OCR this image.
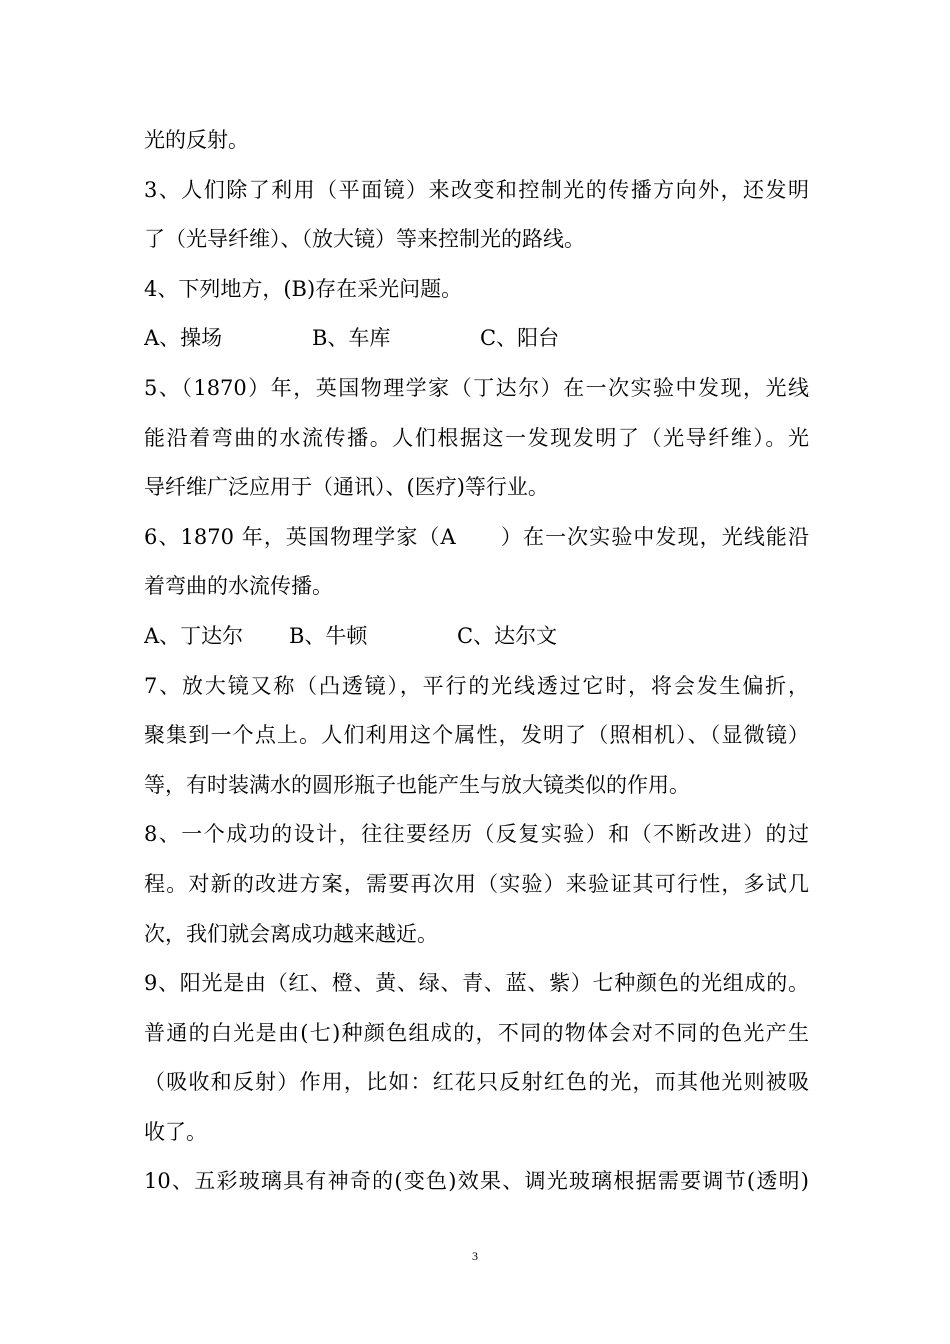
光的反射。
3、人们除了利用（平面镜）来改变和控制光的传播方向外，还发明
了（光导纤维）、（放大镜）等来控制光的路线。
4、下列地方，(B)存在采光问题。
A、操场	B、车库	C、阳台
5、（1870）年，英国物理学家（丁达尔）在一次实验中发现，光线
能沿着弯曲的水流传播。人们根据这一发现发明了（光导纤维）。光
导纤维广泛应用于（通讯）、(医疗)等行业。
6、1870 年，英国物理学家（A　　）在一次实验中发现，光线能沿
着弯曲的水流传播。
A、丁达尔	B、牛顿	C、达尔文
7、放大镜又称（凸透镜），平行的光线透过它时，将会发生偏折，
聚集到一个点上。人们利用这个属性，发明了（照相机）、（显微镜）
等，有时装满水的圆形瓶子也能产生与放大镜类似的作用。
8、一个成功的设计，往往要经历（反复实验）和（不断改进）的过
程。对新的改进方案，需要再次用（实验）来验证其可行性，多试几
次，我们就会离成功越来越近。
9、阳光是由（红、橙、黄、绿、青、蓝、紫）七种颜色的光组成的。
普通的白光是由(七)种颜色组成的，不同的物体会对不同的色光产生
（吸收和反射）作用，比如：红花只反射红色的光，而其他光则被吸
收了。
10、五彩玻璃具有神奇的(变色)效果、调光玻璃根据需要调节(透明)
3
